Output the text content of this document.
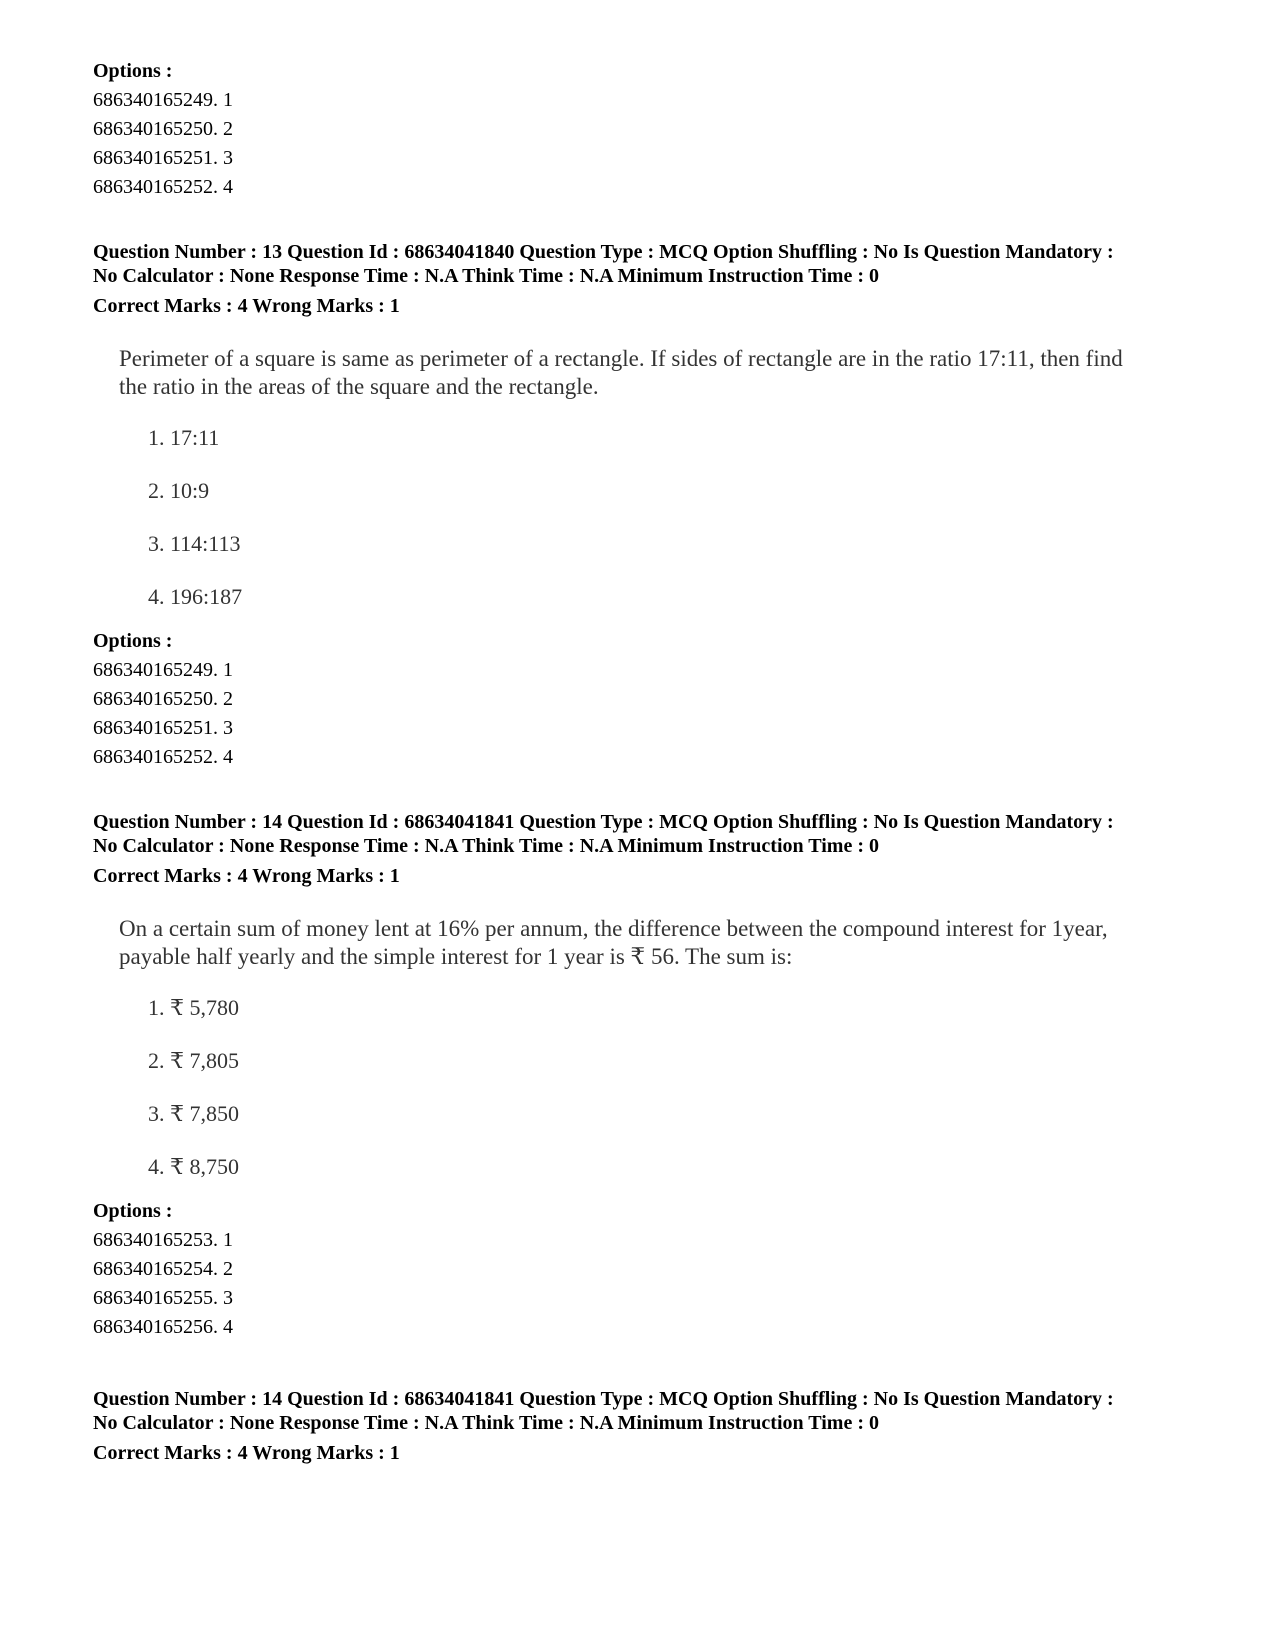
Options :
686340165249. 1
686340165250. 2
686340165251. 3
686340165252. 4
Question Number : 13 Question Id : 68634041840 Question Type : MCQ Option Shuffling : No Is Question Mandatory :
No Calculator : None Response Time : N.A Think Time : N.A Minimum Instruction Time : 0
Correct Marks : 4 Wrong Marks : 1
Perimeter of a square is same as perimeter of a rectangle. If sides of rectangle are in the ratio 17:11, then find
the ratio in the areas of the square and the rectangle.
1. 17:11
2. 10:9
3. 114:113
4. 196:187
Options :
686340165249. 1
686340165250. 2
686340165251. 3
686340165252. 4
Question Number : 14 Question Id : 68634041841 Question Type : MCQ Option Shuffling : No Is Question Mandatory :
No Calculator : None Response Time : N.A Think Time : N.A Minimum Instruction Time : 0
Correct Marks : 4 Wrong Marks : 1
On a certain sum of money lent at 16% per annum, the difference between the compound interest for 1year,
payable half yearly and the simple interest for 1 year is ₹ 56. The sum is:
1. ₹ 5,780
2. ₹ 7,805
3. ₹ 7,850
4. ₹ 8,750
Options :
686340165253. 1
686340165254. 2
686340165255. 3
686340165256. 4
Question Number : 14 Question Id : 68634041841 Question Type : MCQ Option Shuffling : No Is Question Mandatory :
No Calculator : None Response Time : N.A Think Time : N.A Minimum Instruction Time : 0
Correct Marks : 4 Wrong Marks : 1
